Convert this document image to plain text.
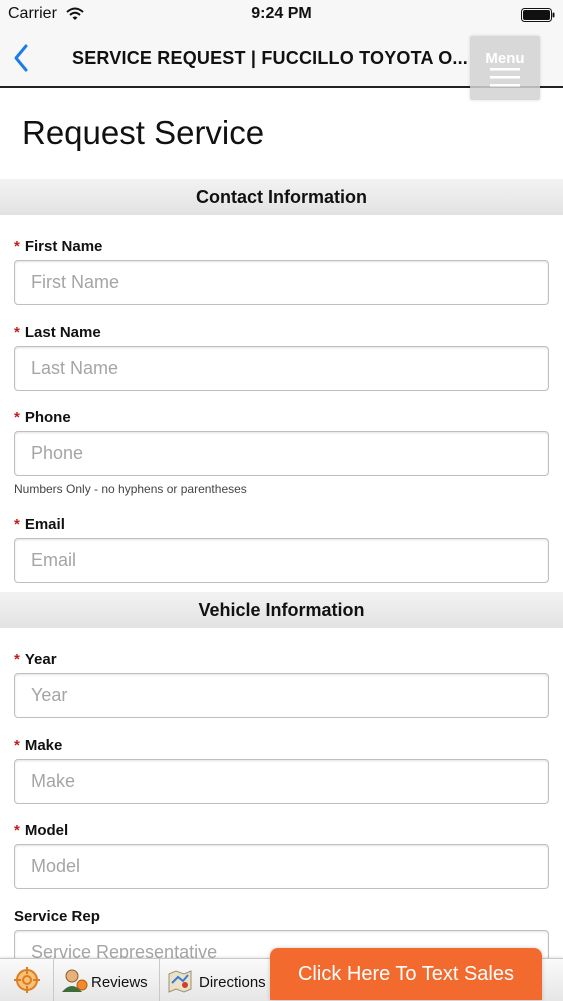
Carrier	9:24 PM
SERVICE REQUEST | FUCCILLO TOYOTA O...	Menu
Request Service
Contact Information
* First Name
First Name
* Last Name
Last Name
* Phone
Phone
Numbers Only - no hyphens or parentheses
* Email
Email
Vehicle Information
* Year
Year
* Make
Make
* Model
Model
Service Rep
Service Representative
Reviews	Directions	Click Here To Text Sales
